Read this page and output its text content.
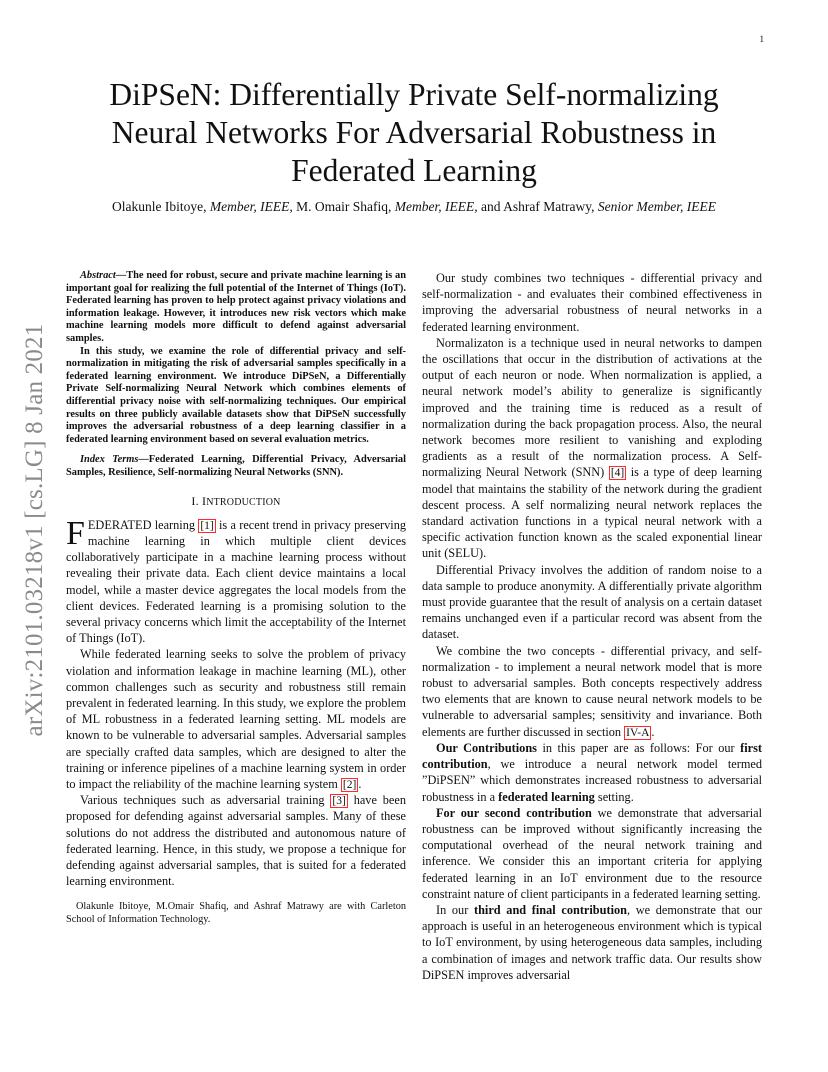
1
arXiv:2101.03218v1 [cs.LG] 8 Jan 2021
DiPSeN: Differentially Private Self-normalizing Neural Networks For Adversarial Robustness in Federated Learning
Olakunle Ibitoye, Member, IEEE, M. Omair Shafiq, Member, IEEE, and Ashraf Matrawy, Senior Member, IEEE

Abstract—The need for robust, secure and private machine learning is an important goal for realizing the full potential of the Internet of Things (IoT). Federated learning has proven to help protect against privacy violations and information leakage. However, it introduces new risk vectors which make machine learning models more difficult to defend against adversarial samples.

In this study, we examine the role of differential privacy and self-normalization in mitigating the risk of adversarial samples specifically in a federated learning environment. We introduce DiPSeN, a Differentially Private Self-normalizing Neural Network which combines elements of differential privacy noise with self-normalizing techniques. Our empirical results on three publicly available datasets show that DiPSeN successfully improves the adversarial robustness of a deep learning classifier in a federated learning environment based on several evaluation metrics.

Index Terms—Federated Learning, Differential Privacy, Adversarial Samples, Resilience, Self-normalizing Neural Networks (SNN).

I. INTRODUCTION

FEDERATED learning [1] is a recent trend in privacy preserving machine learning in which multiple client devices collaboratively participate in a machine learning process without revealing their private data. Each client device maintains a local model, while a master device aggregates the local models from the client devices. Federated learning is a promising solution to the several privacy concerns which limit the acceptability of the Internet of Things (IoT).

While federated learning seeks to solve the problem of privacy violation and information leakage in machine learning (ML), other common challenges such as security and robustness still remain prevalent in federated learning. In this study, we explore the problem of ML robustness in a federated learning setting. ML models are known to be vulnerable to adversarial samples. Adversarial samples are specially crafted data samples, which are designed to alter the training or inference pipelines of a machine learning system in order to impact the reliability of the machine learning system [2] .

Various techniques such as adversarial training [3] have been proposed for defending against adversarial samples. Many of these solutions do not address the distributed and autonomous nature of federated learning. Hence, in this study, we propose a technique for defending against adversarial samples, that is suited for a federated learning environment.

Olakunle Ibitoye, M.Omair Shafiq, and Ashraf Matrawy are with Carleton School of Information Technology.

Our study combines two techniques - differential privacy and self-normalization - and evaluates their combined effectiveness in improving the adversarial robustness of neural networks in a federated learning environment.

Normalizaton is a technique used in neural networks to dampen the oscillations that occur in the distribution of activations at the output of each neuron or node. When normalization is applied, a neural network model’s ability to generalize is significantly improved and the training time is reduced as a result of normalization during the back propagation process. Also, the neural network becomes more resilient to vanishing and exploding gradients as a result of the normalization process. A Self-normalizing Neural Network (SNN) [4] is a type of deep learning model that maintains the stability of the network during the gradient descent process. A self normalizing neural network replaces the standard activation functions in a typical neural network with a specific activation function known as the scaled exponential linear unit (SELU).

Differential Privacy involves the addition of random noise to a data sample to produce anonymity. A differentially private algorithm must provide guarantee that the result of analysis on a certain dataset remains unchanged even if a particular record was absent from the dataset.

We combine the two concepts - differential privacy, and self-normalization - to implement a neural network model that is more robust to adversarial samples. Both concepts respectively address two elements that are known to cause neural network models to be vulnerable to adversarial samples; sensitivity and invariance. Both elements are further discussed in section IV-A .

Our Contributions in this paper are as follows: For our first contribution, we introduce a neural network model termed ”DiPSEN” which demonstrates increased robustness to adversarial robustness in a federated learning setting.

For our second contribution we demonstrate that adversarial robustness can be improved without significantly increasing the computational overhead of the neural network training and inference. We consider this an important criteria for applying federated learning in an IoT environment due to the resource constraint nature of client participants in a federated learning setting.

In our third and final contribution, we demonstrate that our approach is useful in an heterogeneous environment which is typical to IoT environment, by using heterogeneous data samples, including a combination of images and network traffic data. Our results show DiPSEN improves adversarial
